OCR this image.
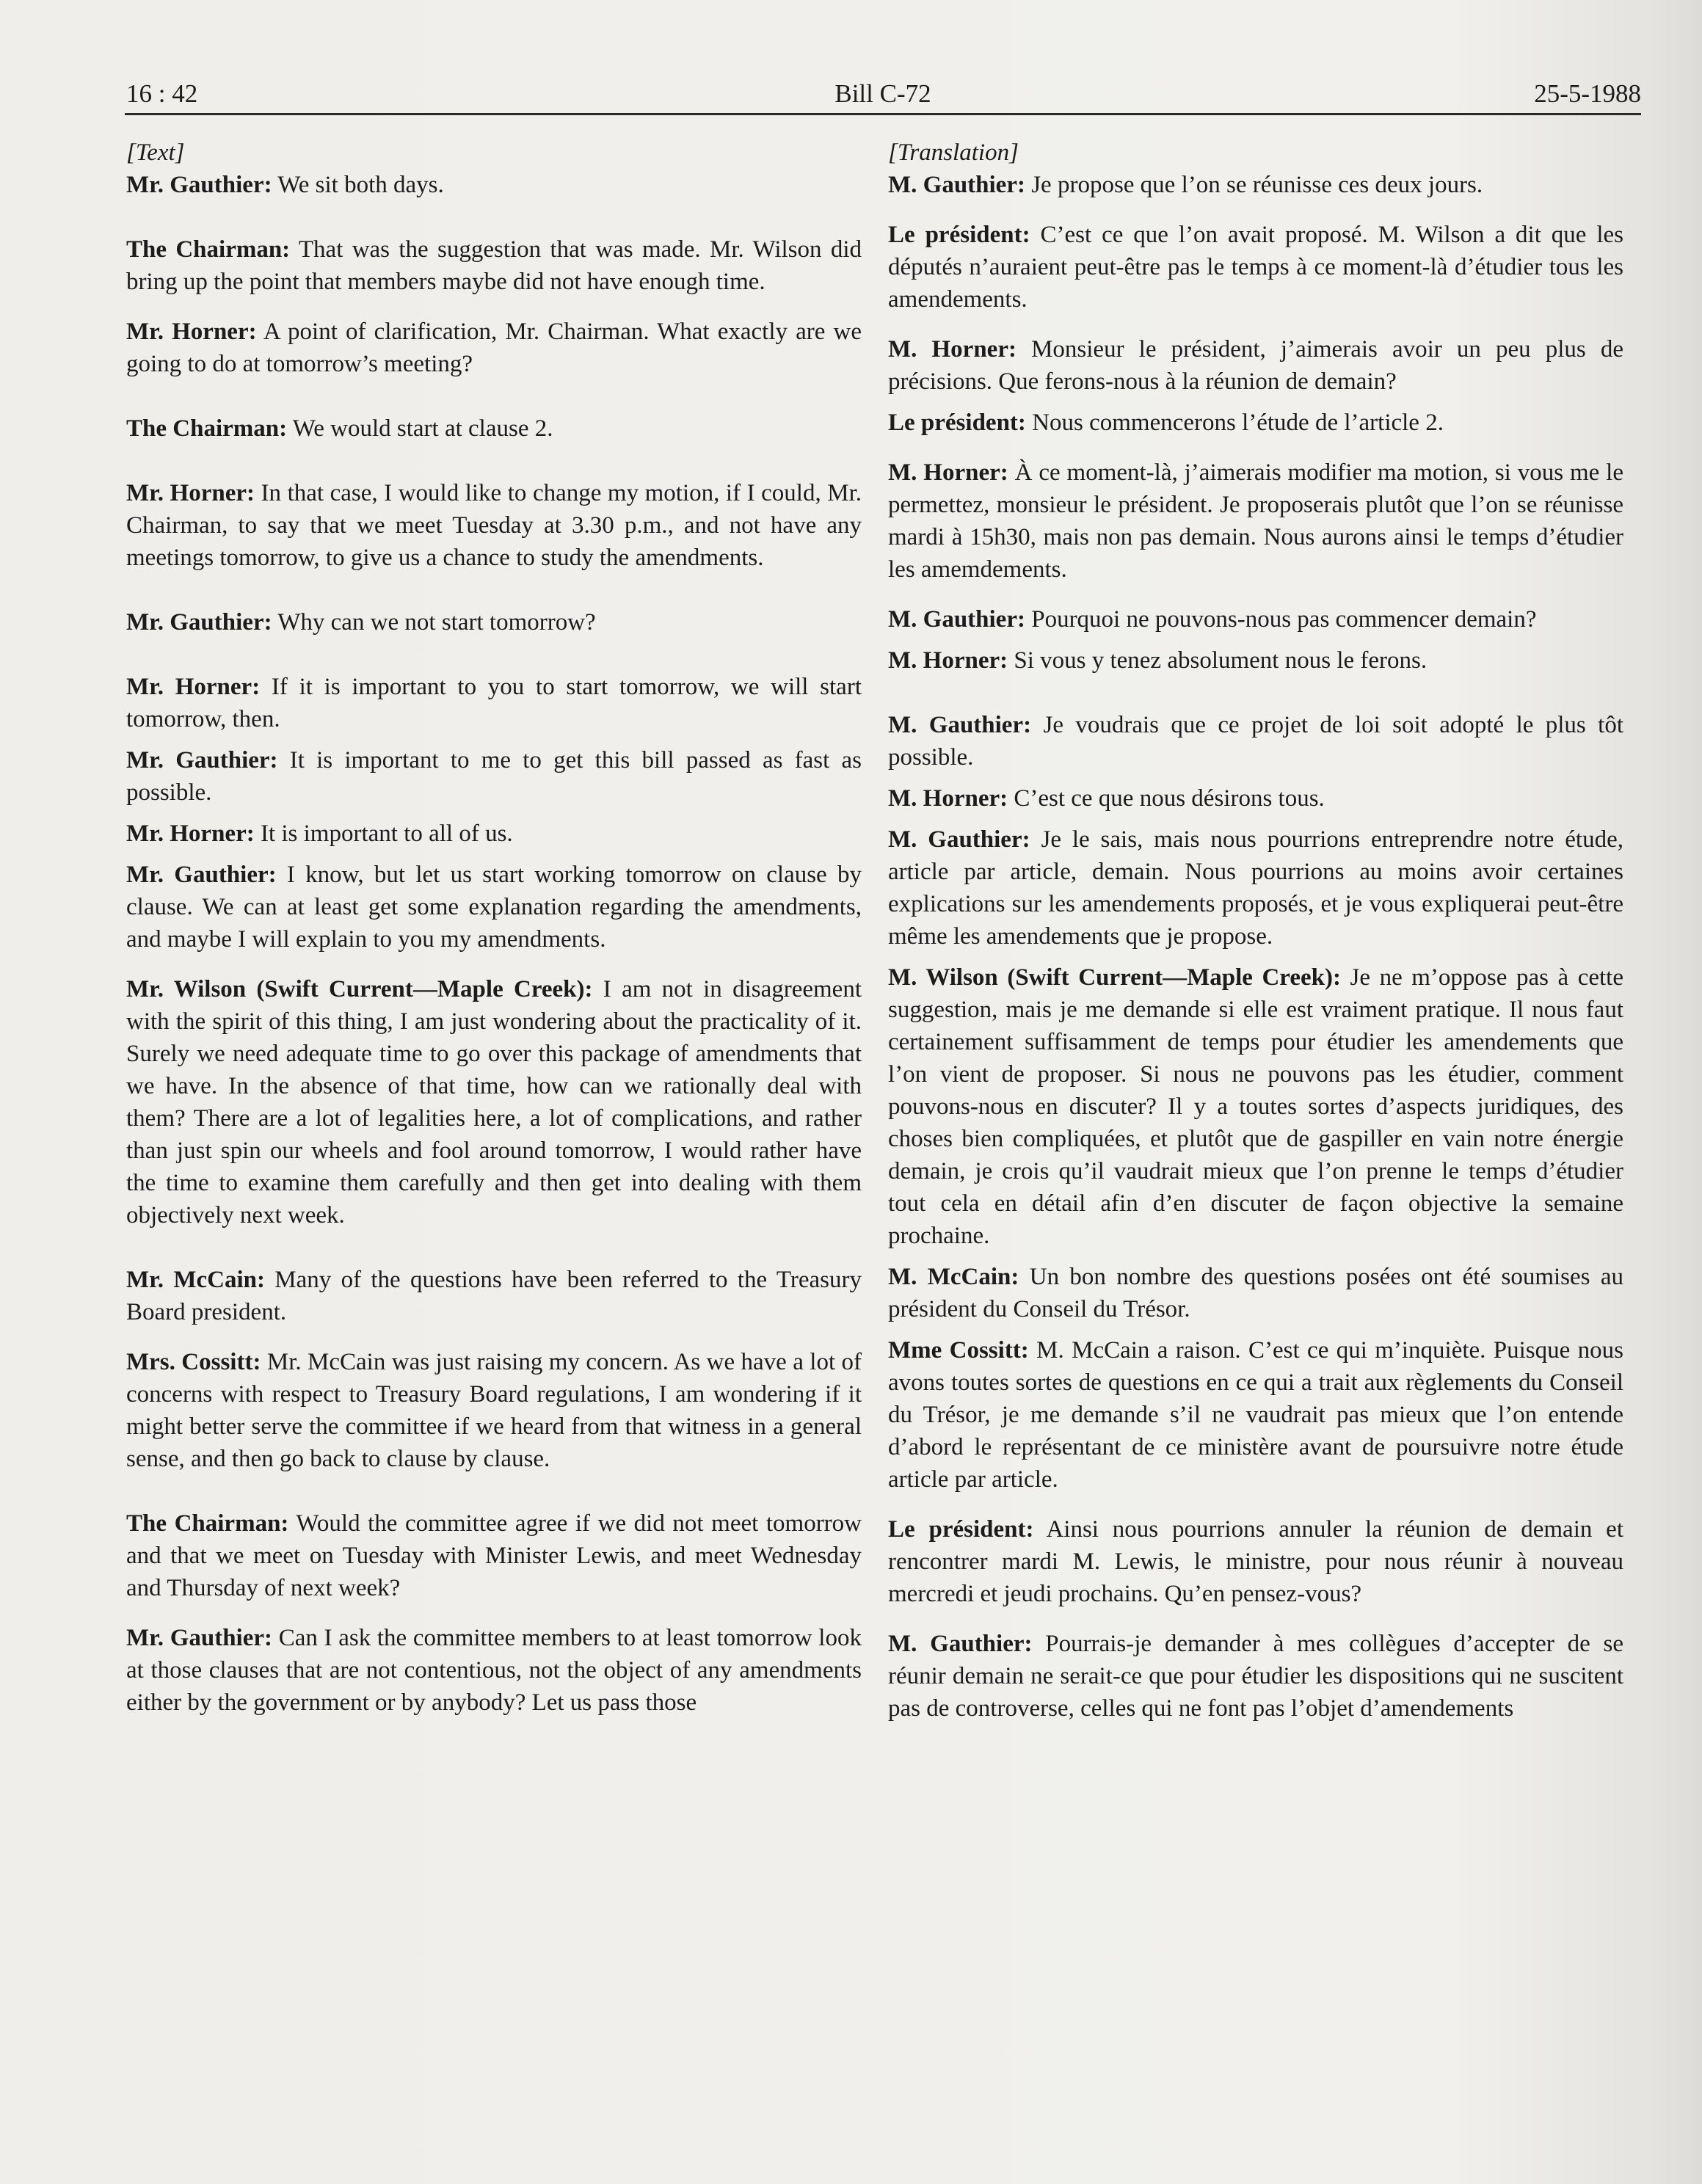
16 : 42	Bill C-72	25-5-1988

[Text]

Mr. Gauthier: We sit both days.

The Chairman: That was the suggestion that was made. Mr. Wilson did bring up the point that members maybe did not have enough time.

Mr. Horner: A point of clarification, Mr. Chairman. What exactly are we going to do at tomorrow’s meeting?

The Chairman: We would start at clause 2.

Mr. Horner: In that case, I would like to change my motion, if I could, Mr. Chairman, to say that we meet Tuesday at 3.30 p.m., and not have any meetings tomorrow, to give us a chance to study the amendments.

Mr. Gauthier: Why can we not start tomorrow?

Mr. Horner: If it is important to you to start tomorrow, we will start tomorrow, then.

Mr. Gauthier: It is important to me to get this bill passed as fast as possible.

Mr. Horner: It is important to all of us.

Mr. Gauthier: I know, but let us start working tomorrow on clause by clause. We can at least get some explanation regarding the amendments, and maybe I will explain to you my amendments.

Mr. Wilson (Swift Current—Maple Creek): I am not in disagreement with the spirit of this thing, I am just wondering about the practicality of it. Surely we need adequate time to go over this package of amendments that we have. In the absence of that time, how can we rationally deal with them? There are a lot of legalities here, a lot of complications, and rather than just spin our wheels and fool around tomorrow, I would rather have the time to examine them carefully and then get into dealing with them objectively next week.

Mr. McCain: Many of the questions have been referred to the Treasury Board president.

Mrs. Cossitt: Mr. McCain was just raising my concern. As we have a lot of concerns with respect to Treasury Board regulations, I am wondering if it might better serve the committee if we heard from that witness in a general sense, and then go back to clause by clause.

The Chairman: Would the committee agree if we did not meet tomorrow and that we meet on Tuesday with Minister Lewis, and meet Wednesday and Thursday of next week?

Mr. Gauthier: Can I ask the committee members to at least tomorrow look at those clauses that are not contentious, not the object of any amendments either by the government or by anybody? Let us pass those

[Translation]

M. Gauthier: Je propose que l’on se réunisse ces deux jours.

Le président: C’est ce que l’on avait proposé. M. Wilson a dit que les députés n’auraient peut-être pas le temps à ce moment-là d’étudier tous les amendements.

M. Horner: Monsieur le président, j’aimerais avoir un peu plus de précisions. Que ferons-nous à la réunion de demain?

Le président: Nous commencerons l’étude de l’article 2.

M. Horner: À ce moment-là, j’aimerais modifier ma motion, si vous me le permettez, monsieur le président. Je proposerais plutôt que l’on se réunisse mardi à 15h30, mais non pas demain. Nous aurons ainsi le temps d’étudier les amemdements.

M. Gauthier: Pourquoi ne pouvons-nous pas commencer demain?

M. Horner: Si vous y tenez absolument nous le ferons.

M. Gauthier: Je voudrais que ce projet de loi soit adopté le plus tôt possible.

M. Horner: C’est ce que nous désirons tous.

M. Gauthier: Je le sais, mais nous pourrions entreprendre notre étude, article par article, demain. Nous pourrions au moins avoir certaines explications sur les amendements proposés, et je vous expliquerai peut-être même les amendements que je propose.

M. Wilson (Swift Current—Maple Creek): Je ne m’oppose pas à cette suggestion, mais je me demande si elle est vraiment pratique. Il nous faut certainement suffisamment de temps pour étudier les amendements que l’on vient de proposer. Si nous ne pouvons pas les étudier, comment pouvons-nous en discuter? Il y a toutes sortes d’aspects juridiques, des choses bien compliquées, et plutôt que de gaspiller en vain notre énergie demain, je crois qu’il vaudrait mieux que l’on prenne le temps d’étudier tout cela en détail afin d’en discuter de façon objective la semaine prochaine.

M. McCain: Un bon nombre des questions posées ont été soumises au président du Conseil du Trésor.

Mme Cossitt: M. McCain a raison. C’est ce qui m’inquiète. Puisque nous avons toutes sortes de questions en ce qui a trait aux règlements du Conseil du Trésor, je me demande s’il ne vaudrait pas mieux que l’on entende d’abord le représentant de ce ministère avant de poursuivre notre étude article par article.

Le président: Ainsi nous pourrions annuler la réunion de demain et rencontrer mardi M. Lewis, le ministre, pour nous réunir à nouveau mercredi et jeudi prochains. Qu’en pensez-vous?

M. Gauthier: Pourrais-je demander à mes collègues d’accepter de se réunir demain ne serait-ce que pour étudier les dispositions qui ne suscitent pas de controverse, celles qui ne font pas l’objet d’amendements
